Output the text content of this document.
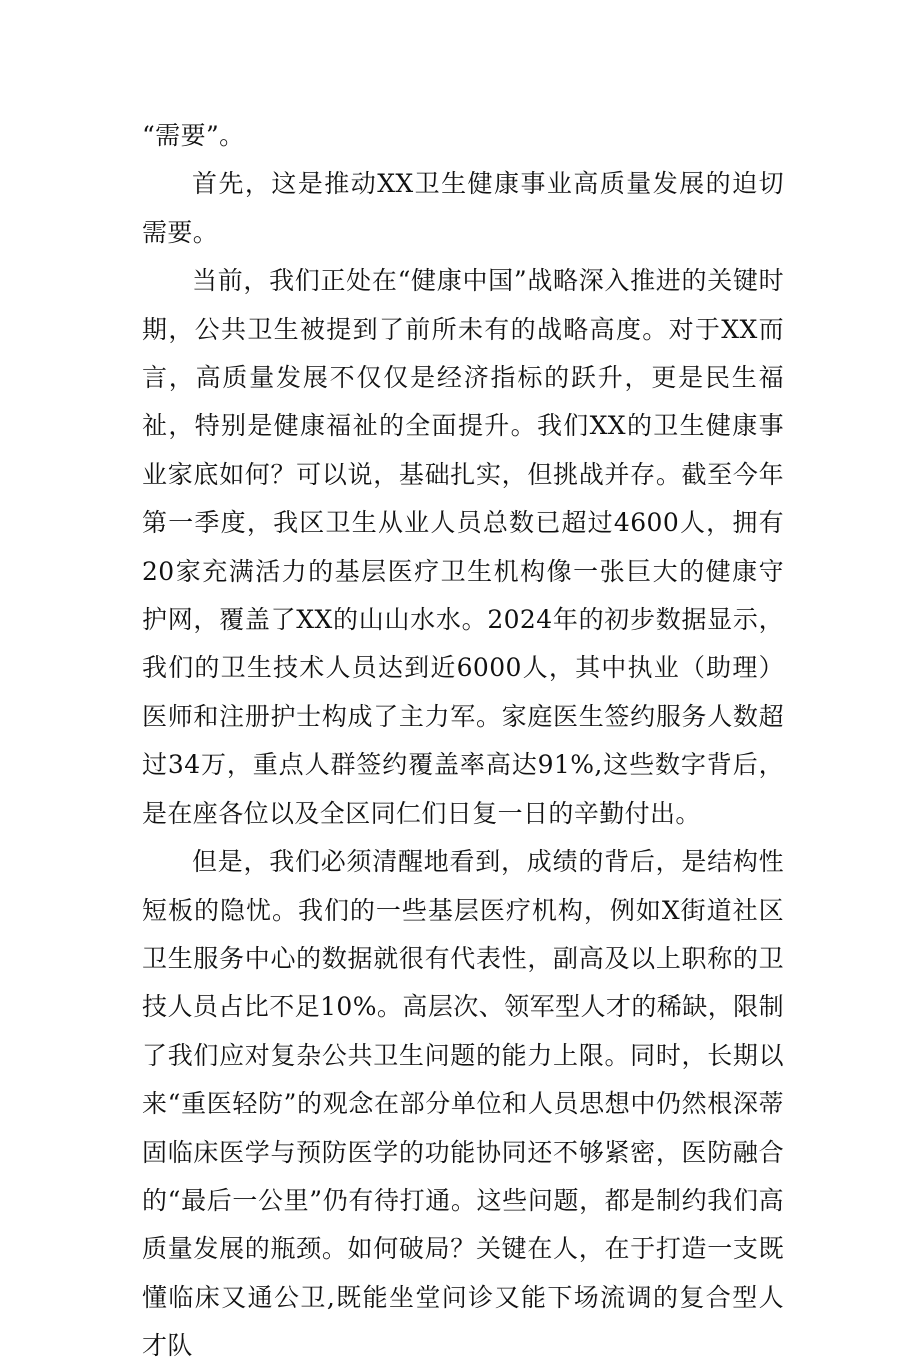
“需要”。

首先，这是推动XX卫生健康事业高质量发展的迫切需要。

当前，我们正处在“健康中国”战略深入推进的关键时期，公共卫生被提到了前所未有的战略高度。对于XX而言，高质量发展不仅仅是经济指标的跃升，更是民生福祉，特别是健康福祉的全面提升。我们XX的卫生健康事业家底如何？可以说，基础扎实，但挑战并存。截至今年第一季度，我区卫生从业人员总数已超过4600人，拥有20家充满活力的基层医疗卫生机构像一张巨大的健康守护网，覆盖了XX的山山水水。2024年的初步数据显示，我们的卫生技术人员达到近6000人，其中执业（助理）医师和注册护士构成了主力军。家庭医生签约服务人数超过34万，重点人群签约覆盖率高达91%,这些数字背后，是在座各位以及全区同仁们日复一日的辛勤付出。

但是，我们必须清醒地看到，成绩的背后，是结构性短板的隐忧。我们的一些基层医疗机构，例如X街道社区卫生服务中心的数据就很有代表性，副高及以上职称的卫技人员占比不足10%。高层次、领军型人才的稀缺，限制了我们应对复杂公共卫生问题的能力上限。同时，长期以来“重医轻防”的观念在部分单位和人员思想中仍然根深蒂固临床医学与预防医学的功能协同还不够紧密，医防融合的“最后一公里”仍有待打通。这些问题，都是制约我们高质量发展的瓶颈。如何破局？关键在人，在于打造一支既懂临床又通公卫,既能坐堂问诊又能下场流调的复合型人才队
